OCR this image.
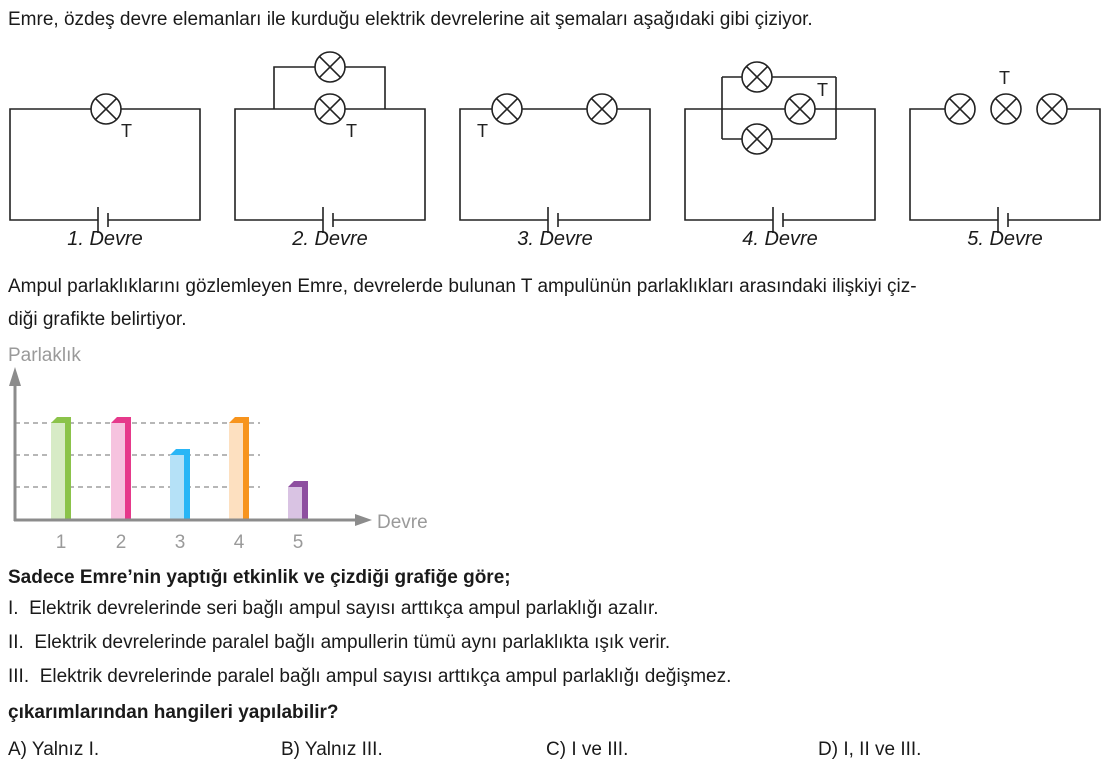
Emre, özdeş devre elemanları ile kurduğu elektrik devrelerine ait şemaları aşağıdaki gibi çiziyor.
T	T	T
T
T
1. Devre	2. Devre	3. Devre	4. Devre	5. Devre
Ampul parlaklıklarını gözlemleyen Emre, devrelerde bulunan T ampulünün parlaklıkları arasındaki ilişkiyi çiz-
diği grafikte belirtiyor.
Parlaklık
Devre
1	2	3	4	5
Sadece Emre’nin yaptığı etkinlik ve çizdiği grafiğe göre;
I. Elektrik devrelerinde seri bağlı ampul sayısı arttıkça ampul parlaklığı azalır.
II. Elektrik devrelerinde paralel bağlı ampullerin tümü aynı parlaklıkta ışık verir.
III. Elektrik devrelerinde paralel bağlı ampul sayısı arttıkça ampul parlaklığı değişmez.
çıkarımlarından hangileri yapılabilir?
A) Yalnız I.	B) Yalnız III.	C) I ve III.	D) I, II ve III.
